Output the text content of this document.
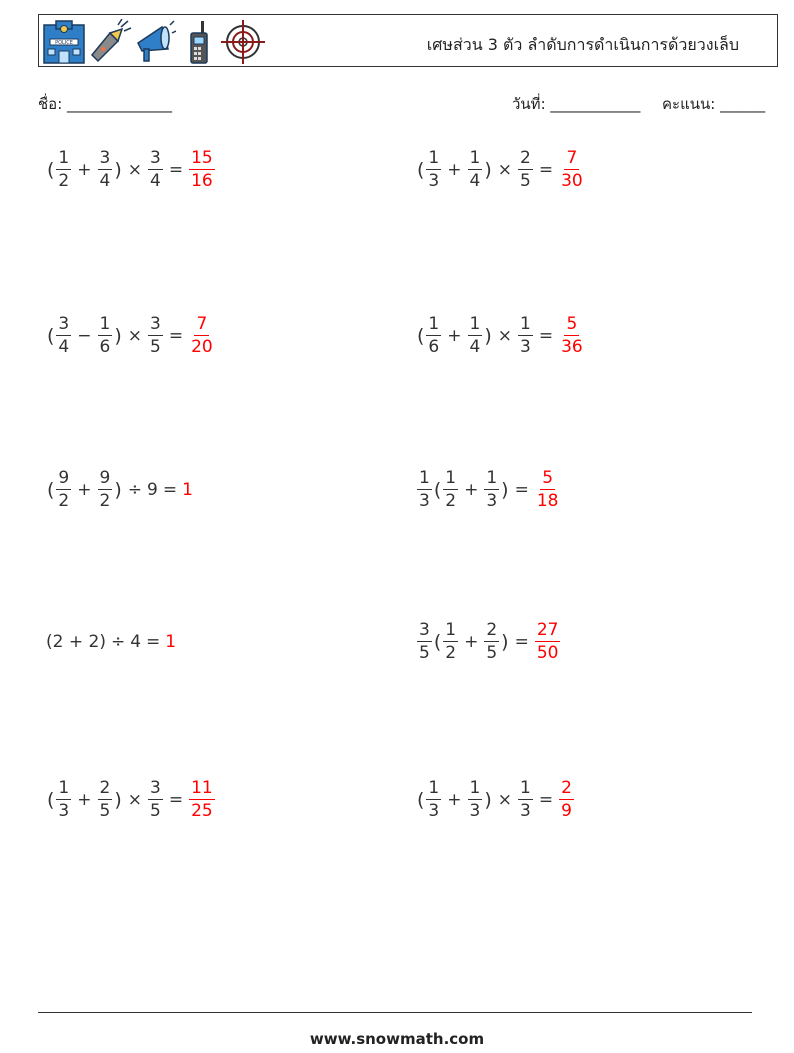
POLICE	เศษส่วน 3 ตัว ลำดับการดำเนินการด้วยวงเล็บ
ชื่อ: ______________	วันที่: ____________ คะแนน: ______
( $\frac{1}{2} + \frac{3}{4}$ ) × $\frac{3}{4} = \frac{15}{16}$	( $\frac{1}{3} + \frac{1}{4}$ ) × $\frac{2}{5} = \frac{7}{30}$
( $\frac{3}{4} - \frac{1}{6}$ ) × $\frac{3}{5} = \frac{7}{20}$	( $\frac{1}{6} + \frac{1}{4}$ ) × $\frac{1}{3} = \frac{5}{36}$
( $\frac{9}{2} + \frac{9}{2}$ ) ÷ 9 = 1	$\frac{1}{3}$ ( $\frac{1}{2} + \frac{1}{3}$ ) = $\frac{5}{18}$
(2 + 2) ÷ 4 = 1	$\frac{3}{5}$ ( $\frac{1}{2} + \frac{2}{5}$ ) = $\frac{27}{50}$
( $\frac{1}{3} + \frac{2}{5}$ ) × $\frac{3}{5} = \frac{11}{25}$	( $\frac{1}{3} + \frac{1}{3}$ ) × $\frac{1}{3} = \frac{2}{9}$
www.snowmath.com
